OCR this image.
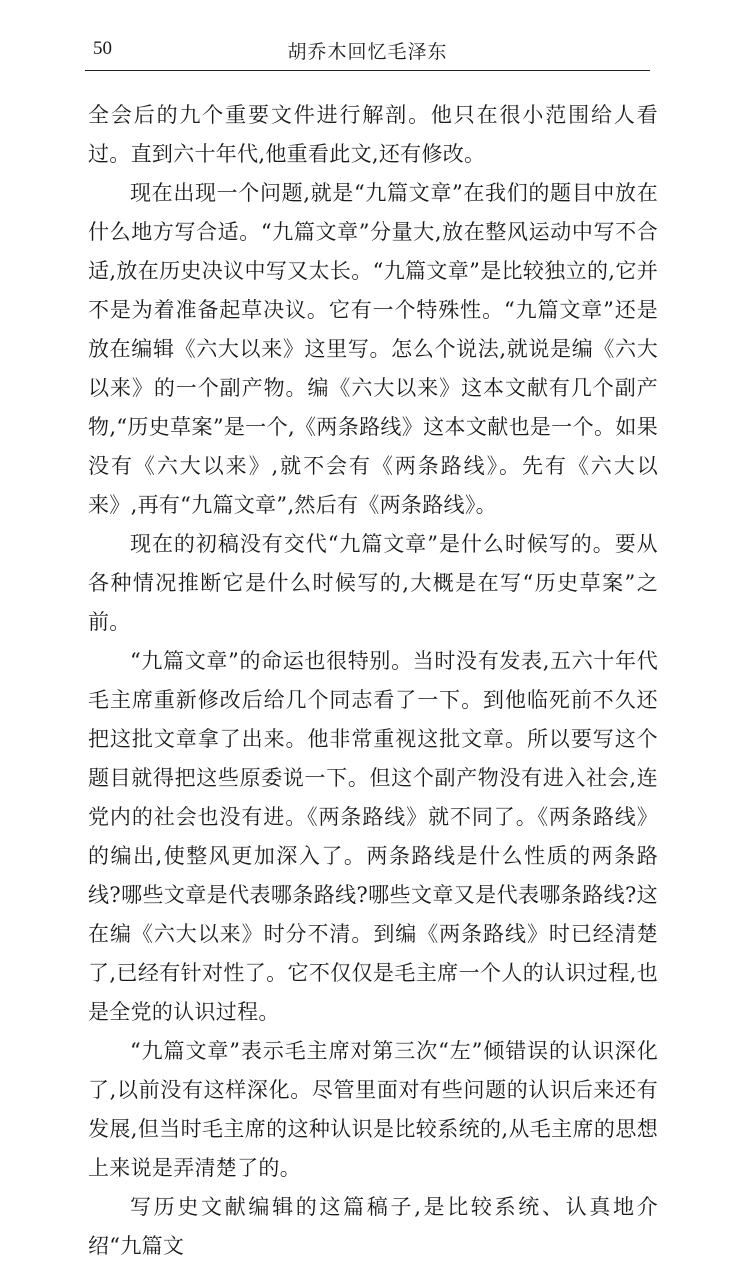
50	胡乔木回忆毛泽东

全会后的九个重要文件进行解剖。他只在很小范围给人看过。直到六十年代,他重看此文,还有修改。

现在出现一个问题,就是“九篇文章”在我们的题目中放在什么地方写合适。“九篇文章”分量大,放在整风运动中写不合适,放在历史决议中写又太长。“九篇文章”是比较独立的,它并不是为着准备起草决议。它有一个特殊性。“九篇文章”还是放在编辑《六大以来》这里写。怎么个说法,就说是编《六大以来》的一个副产物。编《六大以来》这本文献有几个副产物,“历史草案”是一个,《两条路线》这本文献也是一个。如果没有《六大以来》,就不会有《两条路线》。先有《六大以来》,再有“九篇文章”,然后有《两条路线》。

现在的初稿没有交代“九篇文章”是什么时候写的。要从各种情况推断它是什么时候写的,大概是在写“历史草案”之前。

“九篇文章”的命运也很特别。当时没有发表,五六十年代毛主席重新修改后给几个同志看了一下。到他临死前不久还把这批文章拿了出来。他非常重视这批文章。所以要写这个题目就得把这些原委说一下。但这个副产物没有进入社会,连党内的社会也没有进。《两条路线》就不同了。《两条路线》的编出,使整风更加深入了。两条路线是什么性质的两条路线?哪些文章是代表哪条路线?哪些文章又是代表哪条路线?这在编《六大以来》时分不清。到编《两条路线》时已经清楚了,已经有针对性了。它不仅仅是毛主席一个人的认识过程,也是全党的认识过程。

“九篇文章”表示毛主席对第三次“左”倾错误的认识深化了,以前没有这样深化。尽管里面对有些问题的认识后来还有发展,但当时毛主席的这种认识是比较系统的,从毛主席的思想上来说是弄清楚了的。

写历史文献编辑的这篇稿子,是比较系统、认真地介绍“九篇文
